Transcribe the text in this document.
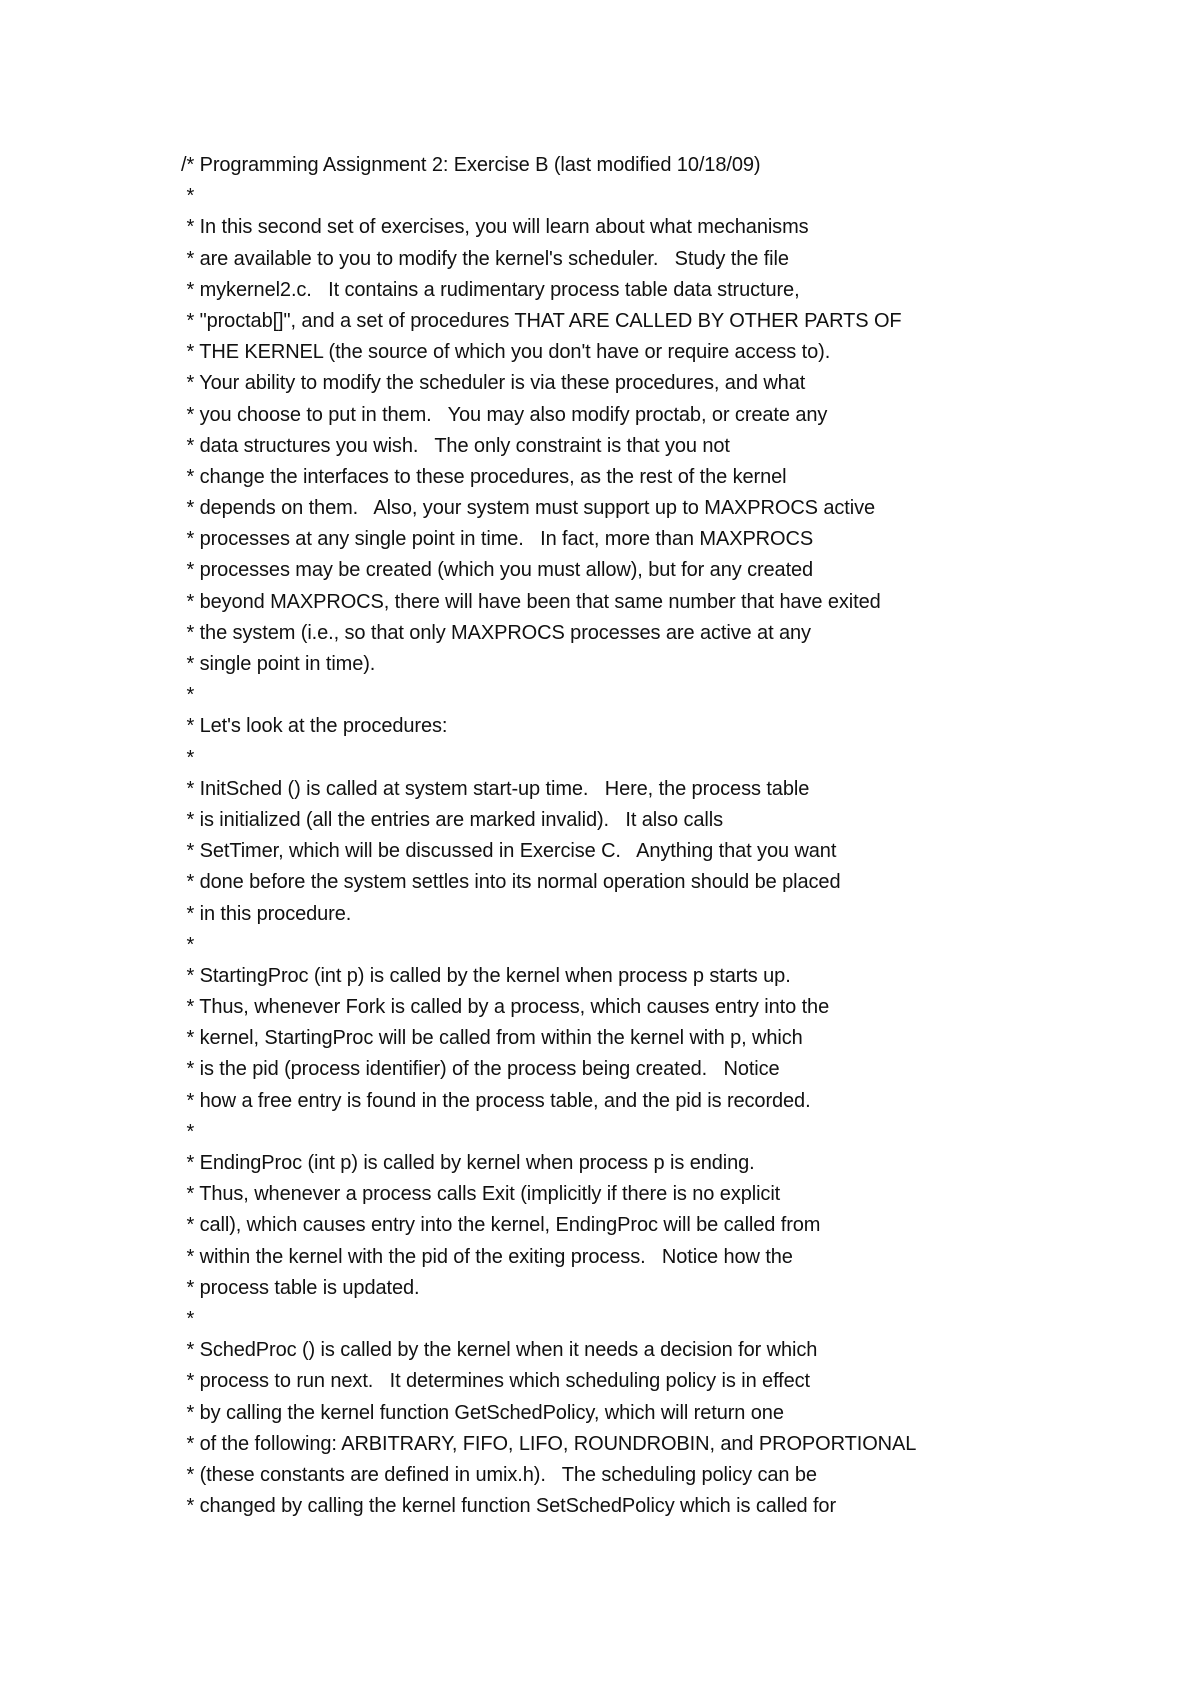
/* Programming Assignment 2: Exercise B (last modified 10/18/09)
*
* In this second set of exercises, you will learn about what mechanisms
* are available to you to modify the kernel's scheduler.   Study the file
* mykernel2.c.   It contains a rudimentary process table data structure,
* "proctab[]", and a set of procedures THAT ARE CALLED BY OTHER PARTS OF
* THE KERNEL (the source of which you don't have or require access to).
* Your ability to modify the scheduler is via these procedures, and what
* you choose to put in them.   You may also modify proctab, or create any
* data structures you wish.   The only constraint is that you not
* change the interfaces to these procedures, as the rest of the kernel
* depends on them.   Also, your system must support up to MAXPROCS active
* processes at any single point in time.   In fact, more than MAXPROCS
* processes may be created (which you must allow), but for any created
* beyond MAXPROCS, there will have been that same number that have exited
* the system (i.e., so that only MAXPROCS processes are active at any
* single point in time).
*
* Let's look at the procedures:
*
* InitSched () is called at system start-up time.   Here, the process table
* is initialized (all the entries are marked invalid).   It also calls
* SetTimer, which will be discussed in Exercise C.   Anything that you want
* done before the system settles into its normal operation should be placed
* in this procedure.
*
* StartingProc (int p) is called by the kernel when process p starts up.
* Thus, whenever Fork is called by a process, which causes entry into the
* kernel, StartingProc will be called from within the kernel with p, which
* is the pid (process identifier) of the process being created.   Notice
* how a free entry is found in the process table, and the pid is recorded.
*
* EndingProc (int p) is called by kernel when process p is ending.
* Thus, whenever a process calls Exit (implicitly if there is no explicit
* call), which causes entry into the kernel, EndingProc will be called from
* within the kernel with the pid of the exiting process.   Notice how the
* process table is updated.
*
* SchedProc () is called by the kernel when it needs a decision for which
* process to run next.   It determines which scheduling policy is in effect
* by calling the kernel function GetSchedPolicy, which will return one
* of the following: ARBITRARY, FIFO, LIFO, ROUNDROBIN, and PROPORTIONAL
* (these constants are defined in umix.h).   The scheduling policy can be
* changed by calling the kernel function SetSchedPolicy which is called for
